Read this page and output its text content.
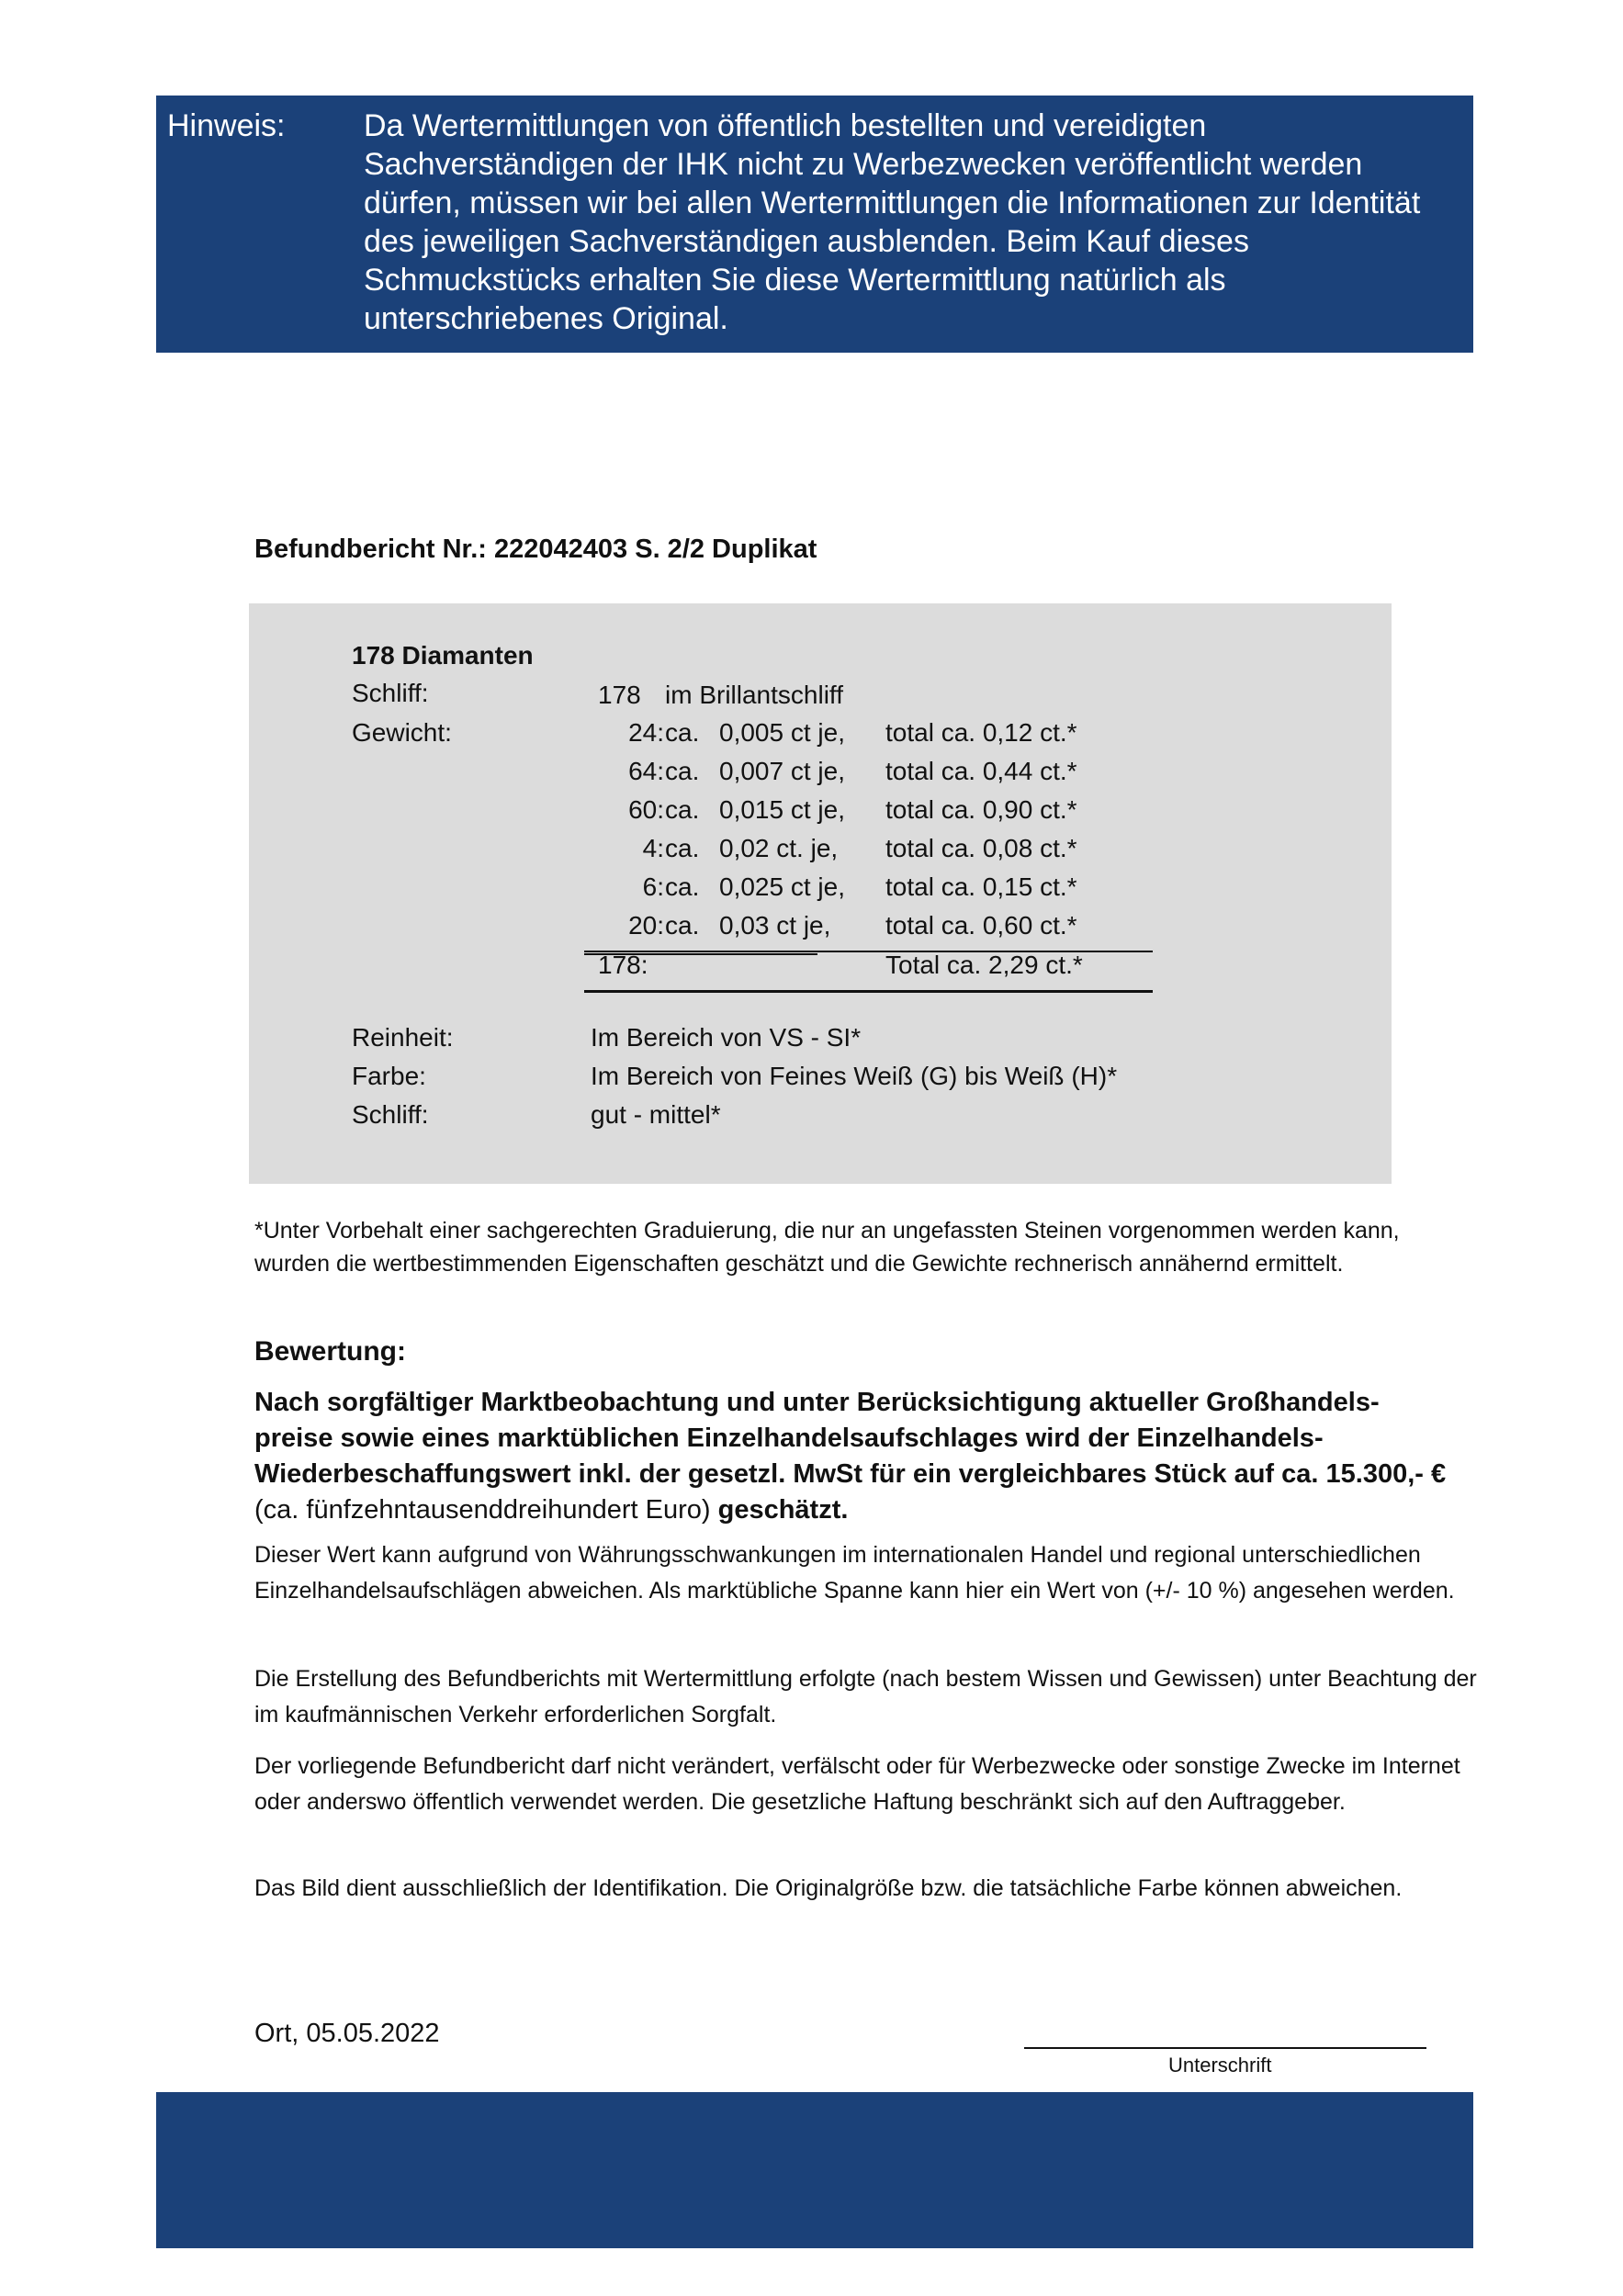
Hinweis:	Da Wertermittlungen von öffentlich bestellten und vereidigten Sachverständigen der IHK nicht zu Werbezwecken veröffentlicht werden dürfen, müssen wir bei allen Wertermittlungen die Informationen zur Identität des jeweiligen Sachverständigen ausblenden. Beim Kauf dieses Schmuckstücks erhalten Sie diese Wertermittlung natürlich als unterschriebenes Original.
Befundbericht Nr.: 222042403 S. 2/2 Duplikat
178 Diamanten
Schliff:	178 im Brillantschliff
Gewicht:	24: ca. 0,005 ct je, total ca. 0,12 ct.*
64: ca. 0,007 ct je, total ca. 0,44 ct.*
60: ca. 0,015 ct je, total ca. 0,90 ct.*
4: ca. 0,02 ct. je, total ca. 0,08 ct.*
6: ca. 0,025 ct je, total ca. 0,15 ct.*
20: ca. 0,03 ct je, total ca. 0,60 ct.*
178:	Total ca. 2,29 ct.*
Reinheit:	Im Bereich von VS - SI*
Farbe:	Im Bereich von Feines Weiß (G) bis Weiß (H)*
Schliff:	gut - mittel*
*Unter Vorbehalt einer sachgerechten Graduierung, die nur an ungefassten Steinen vorgenommen werden kann, wurden die wertbestimmenden Eigenschaften geschätzt und die Gewichte rechnerisch annähernd ermittelt.
Bewertung:
Nach sorgfältiger Marktbeobachtung und unter Berücksichtigung aktueller Großhandels-preise sowie eines marktüblichen Einzelhandelsaufschlages wird der Einzelhandels-Wiederbeschaffungswert inkl. der gesetzl. MwSt für ein vergleichbares Stück auf ca. 15.300,- € (ca. fünfzehntausenddreihundert Euro) geschätzt.
Dieser Wert kann aufgrund von Währungsschwankungen im internationalen Handel und regional unterschiedlichen Einzelhandelsaufschlägen abweichen. Als marktübliche Spanne kann hier ein Wert von (+/- 10 %) angesehen werden.
Die Erstellung des Befundberichts mit Wertermittlung erfolgte (nach bestem Wissen und Gewissen) unter Beachtung der im kaufmännischen Verkehr erforderlichen Sorgfalt.
Der vorliegende Befundbericht darf nicht verändert, verfälscht oder für Werbezwecke oder sonstige Zwecke im Internet oder anderswo öffentlich verwendet werden. Die gesetzliche Haftung beschränkt sich auf den Auftraggeber.
Das Bild dient ausschließlich der Identifikation. Die Originalgröße bzw. die tatsächliche Farbe können abweichen.
Ort, 05.05.2022
Unterschrift
